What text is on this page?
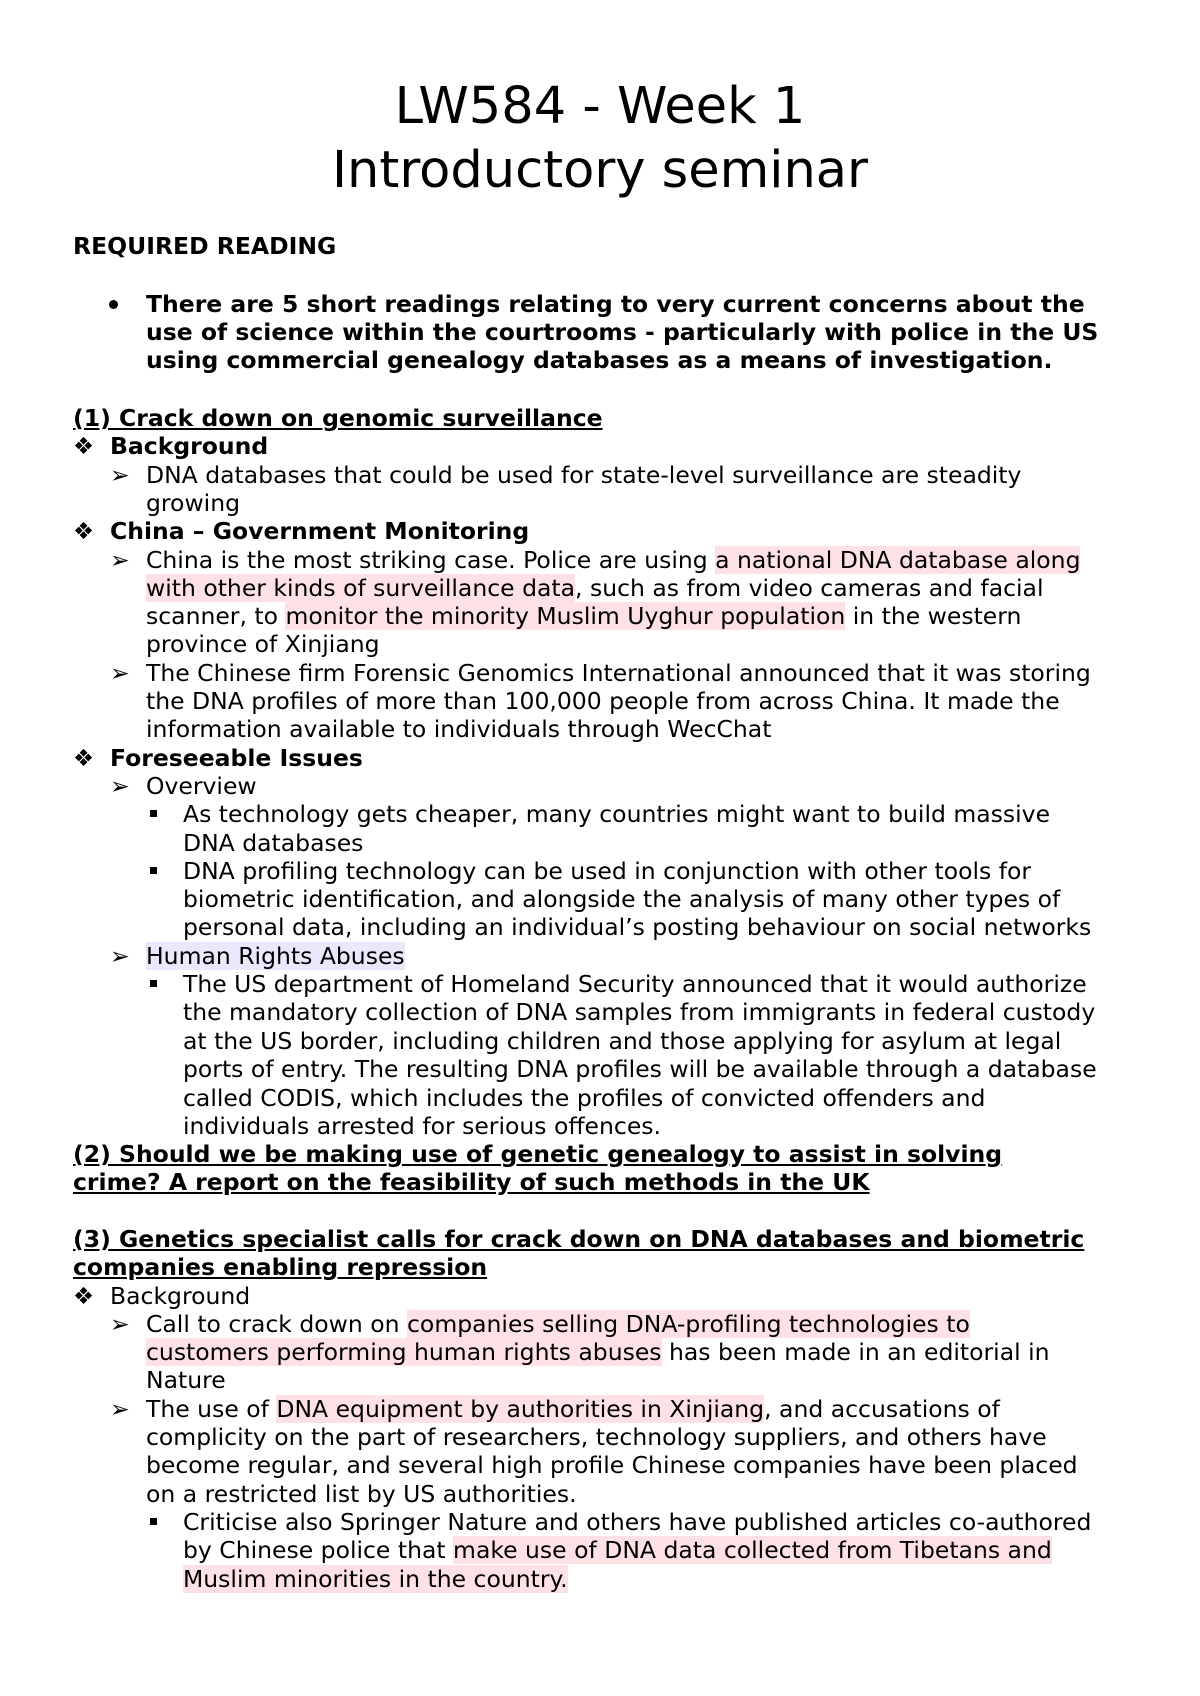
LW584 - Week 1
Introductory seminar
REQUIRED READING
There are 5 short readings relating to very current concerns about the
use of science within the courtrooms - particularly with police in the US
using commercial genealogy databases as a means of investigation.
(1) Crack down on genomic surveillance
❖ Background
➢ DNA databases that could be used for state-level surveillance are steadity
growing
❖ China – Government Monitoring
➢ China is the most striking case. Police are using a national DNA database along
with other kinds of surveillance data, such as from video cameras and facial
scanner, to monitor the minority Muslim Uyghur population in the western
province of Xinjiang
➢ The Chinese firm Forensic Genomics International announced that it was storing
the DNA profiles of more than 100,000 people from across China. It made the
information available to individuals through WecChat
❖ Foreseeable Issues
➢ Overview
As technology gets cheaper, many countries might want to build massive
DNA databases
DNA profiling technology can be used in conjunction with other tools for
biometric identification, and alongside the analysis of many other types of
personal data, including an individual’s posting behaviour on social networks
➢ Human Rights Abuses
The US department of Homeland Security announced that it would authorize
the mandatory collection of DNA samples from immigrants in federal custody
at the US border, including children and those applying for asylum at legal
ports of entry. The resulting DNA profiles will be available through a database
called CODIS, which includes the profiles of convicted offenders and
individuals arrested for serious offences.
(2) Should we be making use of genetic genealogy to assist in solving
crime? A report on the feasibility of such methods in the UK
(3) Genetics specialist calls for crack down on DNA databases and biometric
companies enabling repression
❖ Background
➢ Call to crack down on companies selling DNA-profiling technologies to
customers performing human rights abuses has been made in an editorial in
Nature
➢ The use of DNA equipment by authorities in Xinjiang, and accusations of
complicity on the part of researchers, technology suppliers, and others have
become regular, and several high profile Chinese companies have been placed
on a restricted list by US authorities.
Criticise also Springer Nature and others have published articles co-authored
by Chinese police that make use of DNA data collected from Tibetans and
Muslim minorities in the country.
